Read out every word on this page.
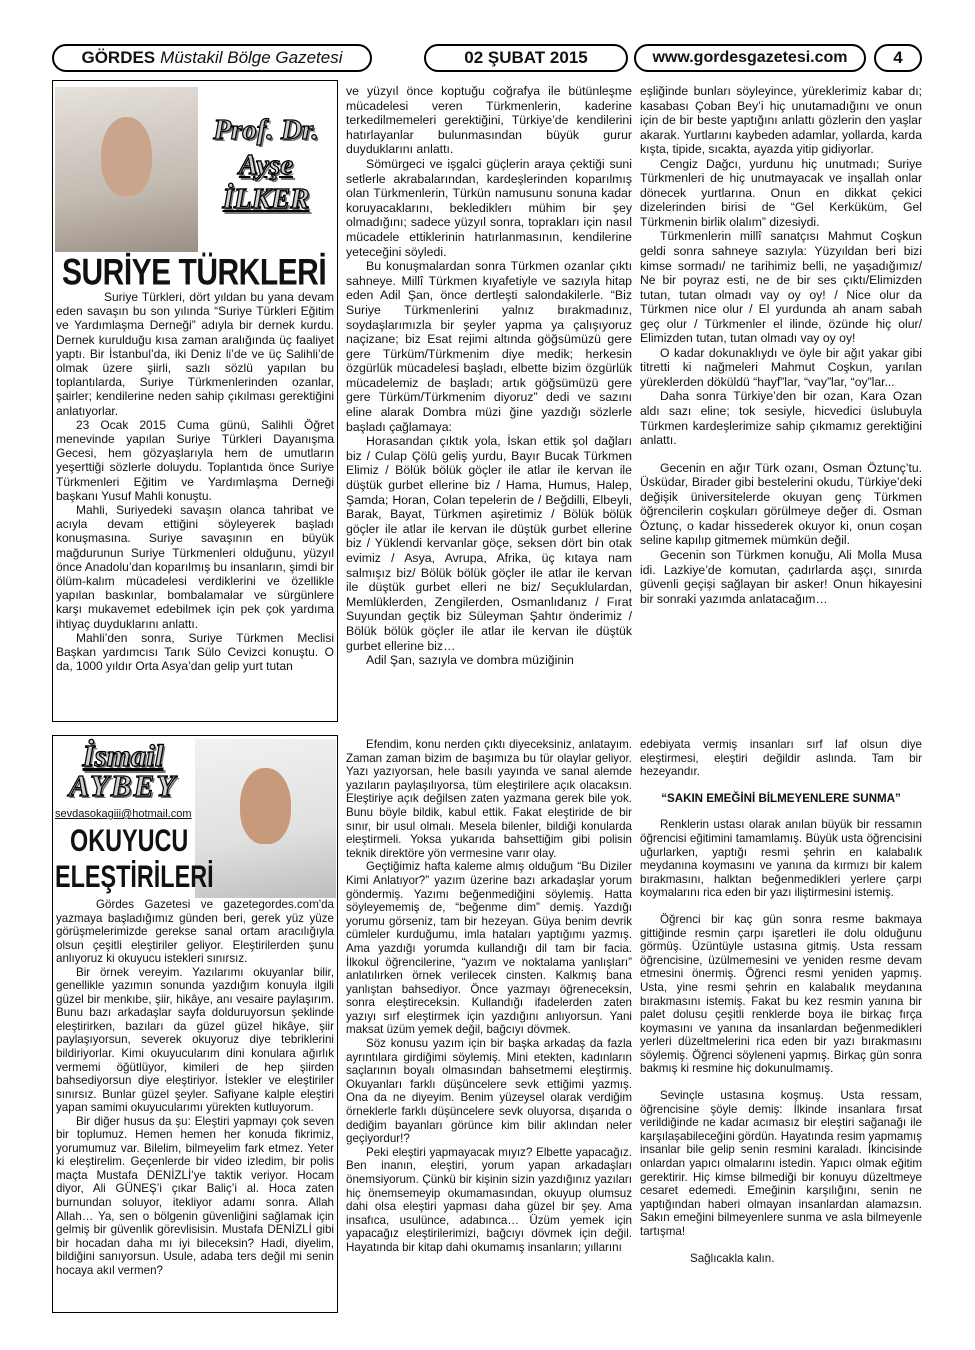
GÖRDES Müstakil Bölge Gazetesi	02 ŞUBAT 2015	www.gordesgazetesi.com	4
Prof. Dr.
Ayşe
İLKER
SURİYE TÜRKLERİ

Suriye Türkleri, dört yıldan bu yana devam eden savaşın bu son yılında “Suriye Türkleri Eğitim ve Yardımlaşma Derneği” adıyla bir dernek kurdu. Dernek kurulduğu kısa zaman aralığında üç faaliyet yaptı. Bir İstanbul’da, iki Deniz li’de ve üç Salihli’de olmak üzere şiirli, sazlı sözlü yapılan bu toplantılarda, Suriye Türkmenlerinden ozanlar, şairler; kendilerine neden sahip çıkılması gerektiğini anlatıyorlar.

23 Ocak 2015 Cuma günü, Salihli Öğret menevinde yapılan Suriye Türkleri Dayanışma Gecesi, hem gözyaşlarıyla hem de umutların yeşerttiği sözlerle doluydu. Toplantıda önce Suriye Türkmenleri Eğitim ve Yardımlaşma Derneği başkanı Yusuf Mahli konuştu.

Mahli, Suriyedeki savaşın olanca tahribat ve acıyla devam ettiğini söyleyerek başladı konuşmasına. Suriye savaşının en büyük mağdurunun Suriye Türkmenleri olduğunu, yüzyıl önce Anadolu’dan koparılmış bu insanların, şimdi bir ölüm-kalım mücadelesi verdiklerini ve özellikle yapılan baskınlar, bombalamalar ve sürgünlere karşı mukavemet edebilmek için pek çok yardıma ihtiyaç duyduklarını anlattı.

Mahli’den sonra, Suriye Türkmen Meclisi Başkan yardımcısı Tarık Sülo Cevizci konuştu. O da, 1000 yıldır Orta Asya’dan gelip yurt tutan

ve yüzyıl önce koptuğu coğrafya ile bütünleşme mücadelesi veren Türkmenlerin, kaderine terkedilmemeleri gerektiğini, Türkiye’de kendilerini hatırlayanlar bulunmasından büyük gurur duyduklarını anlattı.

Sömürgeci ve işgalci güçlerin araya çektiği suni setlerle akrabalarından, kardeşlerinden koparılmış olan Türkmenlerin, Türkün namusunu sonuna kadar koruyacaklarını, beklediklerı mühim bir şey olmadığını; sadece yüzyıl sonra, toprakları için nasıl mücadele ettiklerinin hatırlanmasının, kendilerine yeteceğini söyledi.

Bu konuşmalardan sonra Türkmen ozanlar çıktı sahneye. Millî Türkmen kıyafetiyle ve sazıyla hitap eden Adil Şan, önce dertleşti salondakilerle. “Biz Suriye Türkmenlerini yalnız bırakmadınız, soydaşlarımızla bir şeyler yapma ya çalışıyoruz naçizane; biz Esat rejimi altında göğsümüzü gere gere Türküm/Türkmenim diye medik; herkesin özgürlük mücadelesi başladı, elbette bizim özgürlük mücadelemiz de başladı; artık göğsümüzü gere gere Türküm/Türkmenim diyoruz” dedi ve sazını eline alarak Dombra müzi ğine yazdığı sözlerle başladı çağlamaya:

Horasandan çıktık yola, İskan ettik şol dağları biz / Culap Çölü geliş yurdu, Bayır Bucak Türkmen Elimiz / Bölük bölük göçler ile atlar ile kervan ile düştük gurbet ellerine biz / Hama, Humus, Halep, Şamda; Horan, Colan tepelerin de / Beğdilli, Elbeyli, Barak, Bayat, Türkmen aşiretimiz / Bölük bölük göçler ile atlar ile kervan ile düştük gurbet ellerine biz / Yüklendi kervanlar göçe, seksen dört bin otak evimiz / Asya, Avrupa, Afrika, üç kıtaya nam salmışız biz/ Bölük bölük göçler ile atlar ile kervan ile düştük gurbet elleri ne biz/ Seçuklulardan, Memlüklerden, Zengilerden, Osmanlıdanız / Fırat Suyundan geçtik biz Süleyman Şahtır önderimiz / Bölük bölük göçler ile atlar ile kervan ile düştük gurbet ellerine biz…

Adil Şan, sazıyla ve dombra müziğinin

eşliğinde bunları söyleyince, yüreklerimiz kabar dı; kasabası Çoban Bey’i hiç unutamadığını ve onun için de bir beste yaptığını anlattı gözlerin den yaşlar akarak. Yurtlarını kaybeden adamlar, yollarda, karda kışta, tipide, sıcakta, ayazda yitip gidiyorlar.

Cengiz Dağcı, yurdunu hiç unutmadı; Suriye Türkmenleri de hiç unutmayacak ve inşallah onlar dönecek yurtlarına. Onun en dikkat çekici dizelerinden birisi de “Gel Kerküküm, Gel Türkmenin birlik olalım” dizesiydi.

Türkmenlerin millî sanatçısı Mahmut Coşkun geldi sonra sahneye sazıyla: Yüzyıldan beri bizi kimse sormadı/ ne tarihimiz belli, ne yaşadığımız/ Ne bir poyraz esti, ne de bir ses çıktı/Elimizden tutan, tutan olmadı vay oy oy! / Nice olur da Türkmen nice olur / El yurdunda ah anam sabah geç olur / Türkmenler el ilinde, özünde hiç olur/ Elimizden tutan, tutan olmadı vay oy oy!

O kadar dokunaklıydı ve öyle bir ağıt yakar gibi titretti ki nağmeleri Mahmut Coşkun, yarılan yüreklerden döküldü “hayf”lar, “vay”lar, “oy”lar...

Daha sonra Türkiye’den bir ozan, Kara Ozan aldı sazı eline; tok sesiyle, hicvedici üslubuyla Türkmen kardeşlerimize sahip çıkmamız gerektiğini anlattı.

Gecenin en ağır Türk ozanı, Osman Öztunç’tu. Üsküdar, Birader gibi bestelerini okudu, Türkiye’deki değişik üniversitelerde okuyan genç Türkmen öğrencilerin coşkuları görülmeye değer di. Osman Öztunç, o kadar hissederek okuyor ki, onun coşan seline kapılıp gitmemek mümkün değil.

Gecenin son Türkmen konuğu, Ali Molla Musa idi. Lazkiye’de komutan, çadırlarda aşçı, sınırda güvenli geçişi sağlayan bir asker! Onun hikayesini bir sonraki yazımda anlatacağım…

İsmail
AYBEY
sevdasokagiii@hotmail.com
OKUYUCU
ELEŞTİRİLERİ

Gördes Gazetesi ve gazetegordes.com'da yazmaya başladığımız günden beri, gerek yüz yüze görüşmelerimizde gerekse sanal ortam aracılığıyla olsun çeşitli eleştiriler geliyor. Eleştirilerden şunu anlıyoruz ki okuyucu istekleri sınırsız.

Bir örnek vereyim. Yazılarımı okuyanlar bilir, genellikle yazımın sonunda yazdığım konuyla ilgili güzel bir menkıbe, şiir, hikâye, anı vesaire paylaşırım. Bunu bazı arkadaşlar sayfa dolduruyorsun şeklinde eleştirirken, bazıları da güzel güzel hikâye, şiir paylaşıyorsun, severek okuyoruz diye tebriklerini bildiriyorlar. Kimi okuyucularım dini konulara ağırlık vermemi öğütlüyor, kimileri de hep şiirden bahsediyorsun diye eleştiriyor. İstekler ve eleştiriler sınırsız. Bunlar güzel şeyler. Safiyane kalple eleştiri yapan samimi okuyucularımı yürekten kutluyorum.

Bir diğer husus da şu: Eleştiri yapmayı çok seven bir toplumuz. Hemen hemen her konuda fikrimiz, yorumumuz var. Bilelim, bilmeyelim fark etmez. Yeter ki eleştirelim. Geçenlerde bir video izledim, bir polis maçta Mustafa DENİZLİ’ye taktik veriyor. Hocam diyor, Ali GÜNEŞ’i çıkar Baliç’i al. Hoca zaten burnundan soluyor, itekliyor adamı sonra. Allah Allah… Ya, sen o bölgenin güvenliğini sağlamak için gelmiş bir güvenlik görevlisisin. Mustafa DENİZLİ gibi bir hocadan daha mı iyi bileceksin? Hadi, diyelim, bildiğini sanıyorsun. Usule, adaba ters değil mi senin hocaya akıl vermen?

Efendim, konu nerden çıktı diyeceksiniz, anlatayım. Zaman zaman bizim de başımıza bu tür olaylar geliyor. Yazı yazıyorsan, hele basılı yayında ve sanal alemde yazıların paylaşılıyorsa, tüm eleştirilere açık olacaksın. Eleştiriye açık değilsen zaten yazmana gerek bile yok. Bunu böyle bildik, kabul ettik. Fakat eleştiride de bir sınır, bir usul olmalı. Mesela bilenler, bildiği konularda eleştirmeli. Yoksa yukarıda bahsettiğim gibi polisin teknik direktöre yön vermesine varır olay.

Geçtiğimiz hafta kaleme almış olduğum “Bu Diziler Kimi Anlatıyor?” yazım üzerine bazı arkadaşlar yorum göndermiş. Yazımı beğenmediğini söylemiş. Hatta söyleyememiş de, “beğenme dim” demiş. Yazdığı yorumu görseniz, tam bir hezeyan. Güya benim devrik cümleler kurduğumu, imla hataları yaptığımı yazmış. Ama yazdığı yorumda kullandığı dil tam bir facia. İlkokul öğrencilerine, “yazım ve noktalama yanlışları” anlatılırken örnek verilecek cinsten. Kalkmış bana yanlıştan bahsediyor. Önce yazmayı öğreneceksin, sonra eleştireceksin. Kullandığı ifadelerden zaten yazıyı sırf eleştirmek için yazdığını anlıyorsun. Yani maksat üzüm yemek değil, bağcıyı dövmek.

Söz konusu yazım için bir başka arkadaş da fazla ayrıntılara girdiğimi söylemiş. Mini etekten, kadınların saçlarının boyalı olmasından bahsetmemi eleştirmiş. Okuyanları farklı düşüncelere sevk ettiğimi yazmış. Ona da ne diyeyim. Benim yüzeysel olarak verdiğim örneklerle farklı düşüncelere sevk oluyorsa, dışarıda o dediğim bayanları görünce kim bilir aklından neler geçiyordur!?

Peki eleştiri yapmayacak mıyız? Elbette yapacağız. Ben inanın, eleştiri, yorum yapan arkadaşları önemsiyorum. Çünkü bir kişinin sizin yazdığınız yazıları hiç önemsemeyip okumamasından, okuyup olumsuz dahi olsa eleştiri yapması daha güzel bir şey. Ama insafıca, usulünce, adabınca… Üzüm yemek için yapacağız eleştirilerimizi, bağcıyı dövmek için değil. Hayatında bir kitap dahi okumamış insanların; yıllarını

edebiyata vermiş insanları sırf laf olsun diye eleştirmesi, eleştiri değildir aslında. Tam bir hezeyandır.

“SAKIN EMEĞİNİ BİLMEYENLERE SUNMA”

Renklerin ustası olarak anılan büyük bir ressamın öğrencisi eğitimini tamamlamış. Büyük usta öğrencisini uğurlarken, yaptığı resmi şehrin en kalabalık meydanına koymasını ve yanına da kırmızı bir kalem bırakmasını, halktan beğenmedikleri yerlere çarpı koymalarını rica eden bir yazı iliştirmesini istemiş.

Öğrenci bir kaç gün sonra resme bakmaya gittiğinde resmin çarpı işaretleri ile dolu olduğunu görmüş. Üzüntüyle ustasına gitmiş. Usta ressam öğrencisine, üzülmemesini ve yeniden resme devam etmesini önermiş. Öğrenci resmi yeniden yapmış. Usta, yine resmi şehrin en kalabalık meydanına bırakmasını istemiş. Fakat bu kez resmin yanına bir palet dolusu çeşitli renklerde boya ile birkaç fırça koymasını ve yanına da insanlardan beğenmedikleri yerleri düzeltmelerini rica eden bir yazı bırakmasını söylemiş. Öğrenci söyleneni yapmış. Birkaç gün sonra bakmış ki resmine hiç dokunulmamış.

Sevinçle ustasına koşmuş. Usta ressam, öğrencisine şöyle demiş: İlkinde insanlara fırsat verildiğinde ne kadar acımasız bir eleştiri sağanağı ile karşılaşabileceğini gördün. Hayatında resim yapmamış insanlar bile gelip senin resmini karaladı. İkincisinde onlardan yapıcı olmalarını istedin. Yapıcı olmak eğitim gerektirir. Hiç kimse bilmediği bir konuyu düzeltmeye cesaret edemedi. Emeğinin karşılığını, senin ne yaptığından haberi olmayan insanlardan alamazsın. Sakın emeğini bilmeyenlere sunma ve asla bilmeyenle tartışma!

Sağlıcakla kalın.
